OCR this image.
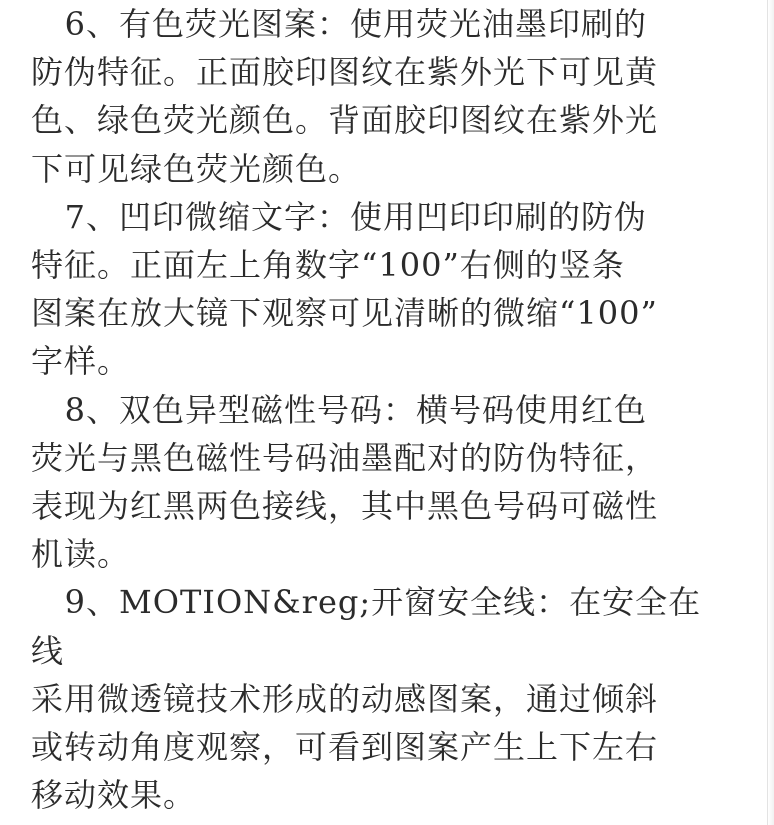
6、有色荧光图案：使用荧光油墨印刷的
防伪特征。正面胶印图纹在紫外光下可见黄
色、绿色荧光颜色。背面胶印图纹在紫外光
下可见绿色荧光颜色。

7、凹印微缩文字：使用凹印印刷的防伪
特征。正面左上角数字“100”右侧的竖条
图案在放大镜下观察可见清晰的微缩“100”
字样。

8、双色异型磁性号码：横号码使用红色
荧光与黑色磁性号码油墨配对的防伪特征，
表现为红黑两色接线，其中黑色号码可磁性
机读。

9、MOTION&reg;开窗安全线：在安全在线
采用微透镜技术形成的动感图案，通过倾斜
或转动角度观察，可看到图案产生上下左右
移动效果。
